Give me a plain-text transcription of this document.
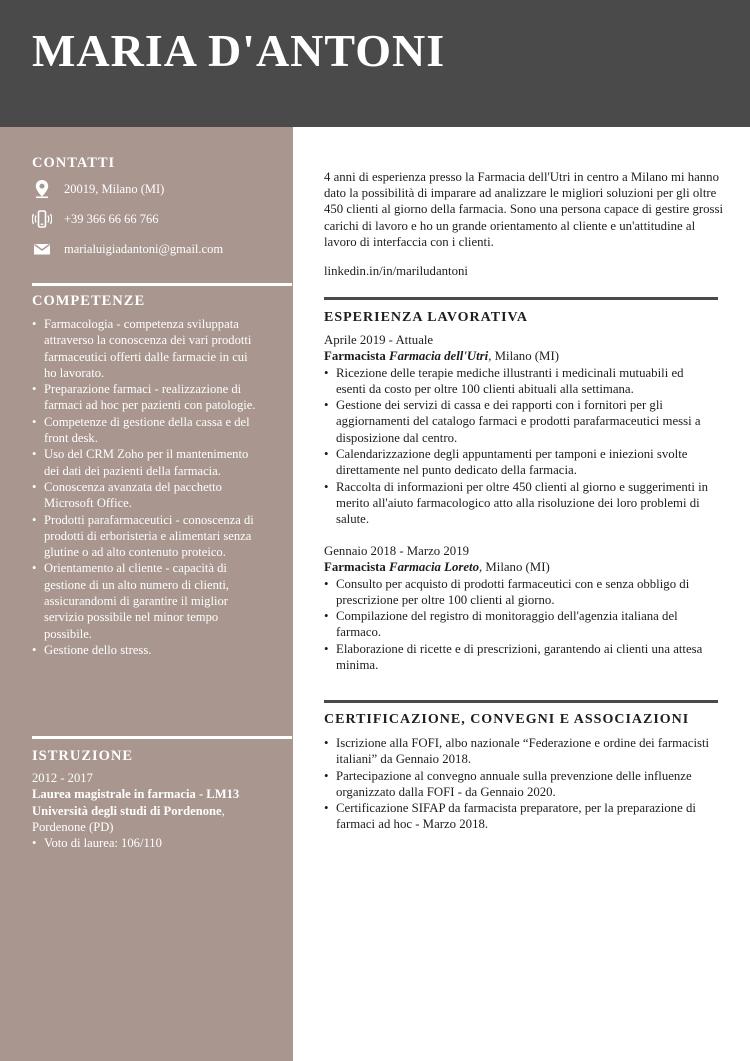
MARIA D'ANTONI
CONTATTI
20019, Milano (MI)
+39 366 66 66 766
marialuigiadantoni@gmail.com
COMPETENZE
• Farmacologia - competenza sviluppata attraverso la conoscenza dei vari prodotti farmaceutici offerti dalle farmacie in cui ho lavorato.
• Preparazione farmaci - realizzazione di farmaci ad hoc per pazienti con patologie.
• Competenze di gestione della cassa e del front desk.
• Uso del CRM Zoho per il mantenimento dei dati dei pazienti della farmacia.
• Conoscenza avanzata del pacchetto Microsoft Office.
• Prodotti parafarmaceutici - conoscenza di prodotti di erboristeria e alimentari senza glutine o ad alto contenuto proteico.
• Orientamento al cliente - capacità di gestione di un alto numero di clienti, assicurandomi di garantire il miglior servizio possibile nel minor tempo possibile.
• Gestione dello stress.
ISTRUZIONE
2012 - 2017
Laurea magistrale in farmacia - LM13
Università degli studi di Pordenone,
Pordenone (PD)
• Voto di laurea: 106/110

4 anni di esperienza presso la Farmacia dell'Utri in centro a Milano mi hanno dato la possibilità di imparare ad analizzare le migliori soluzioni per gli oltre 450 clienti al giorno della farmacia. Sono una persona capace di gestire grossi carichi di lavoro e ho un grande orientamento al cliente e un'attitudine al lavoro di interfaccia con i clienti.

linkedin.in/in/mariludantoni

ESPERIENZA LAVORATIVA
Aprile 2019 - Attuale
Farmacista Farmacia dell'Utri, Milano (MI)
• Ricezione delle terapie mediche illustranti i medicinali mutuabili ed esenti da costo per oltre 100 clienti abituali alla settimana.
• Gestione dei servizi di cassa e dei rapporti con i fornitori per gli aggiornamenti del catalogo farmaci e prodotti parafarmaceutici messi a disposizione dal centro.
• Calendarizzazione degli appuntamenti per tamponi e iniezioni svolte direttamente nel punto dedicato della farmacia.
• Raccolta di informazioni per oltre 450 clienti al giorno e suggerimenti in merito all'aiuto farmacologico atto alla risoluzione dei loro problemi di salute.
Gennaio 2018 - Marzo 2019
Farmacista Farmacia Loreto, Milano (MI)
• Consulto per acquisto di prodotti farmaceutici con e senza obbligo di prescrizione per oltre 100 clienti al giorno.
• Compilazione del registro di monitoraggio dell'agenzia italiana del farmaco.
• Elaborazione di ricette e di prescrizioni, garantendo ai clienti una attesa minima.
CERTIFICAZIONE, CONVEGNI E ASSOCIAZIONI
• Iscrizione alla FOFI, albo nazionale “Federazione e ordine dei farmacisti italiani” da Gennaio 2018.
• Partecipazione al convegno annuale sulla prevenzione delle influenze organizzato dalla FOFI - da Gennaio 2020.
• Certificazione SIFAP da farmacista preparatore, per la preparazione di farmaci ad hoc - Marzo 2018.
